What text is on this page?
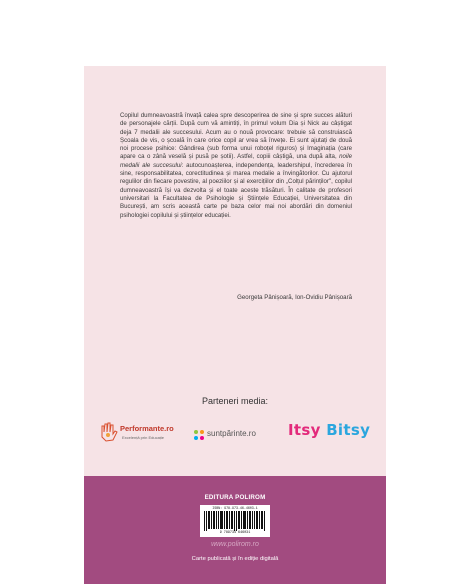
Copilul dumneavoastră învață calea spre descoperirea de sine și spre succes alături de personajele cărții. După cum vă amintiți, în primul volum Dia și Nick au câștigat deja 7 medalii ale succesului. Acum au o nouă provocare: trebuie să construiască Școala de vis, o școală în care orice copil ar vrea să învețe. Ei sunt ajutați de două noi procese psihice: Gândirea (sub forma unui roboțel riguros) și Imaginația (care apare ca o zână veselă și pusă pe șotii). Astfel, copiii câștigă, una după alta, noile medalii ale succesului: autocunoașterea, independența, leadershipul, încrederea în sine, responsabilitatea, corectitudinea și marea medalie a învingătorilor. Cu ajutorul regulilor din fiecare povestire, al poeziilor și al exercițiilor din „Colțul părinților", copilul dumneavoastră își va dezvolta și el toate aceste trăsături. În calitate de profesori universitari la Facultatea de Psihologie și Științele Educației, Universitatea din București, am scris această carte pe baza celor mai noi abordări din domeniul psihologiei copilului și științelor educației.

Georgeta Pânișoară, Ion-Ovidiu Pânișoară
Parteneri media:
Performante.ro
Excelență prin Educație	suntpărinte.ro Itsy Bitsy
EDITURA POLIROM
ISBN: 978-973-46-4603-1
9 789734 646031
www.polirom.ro
Carte publicată și în ediție digitală
